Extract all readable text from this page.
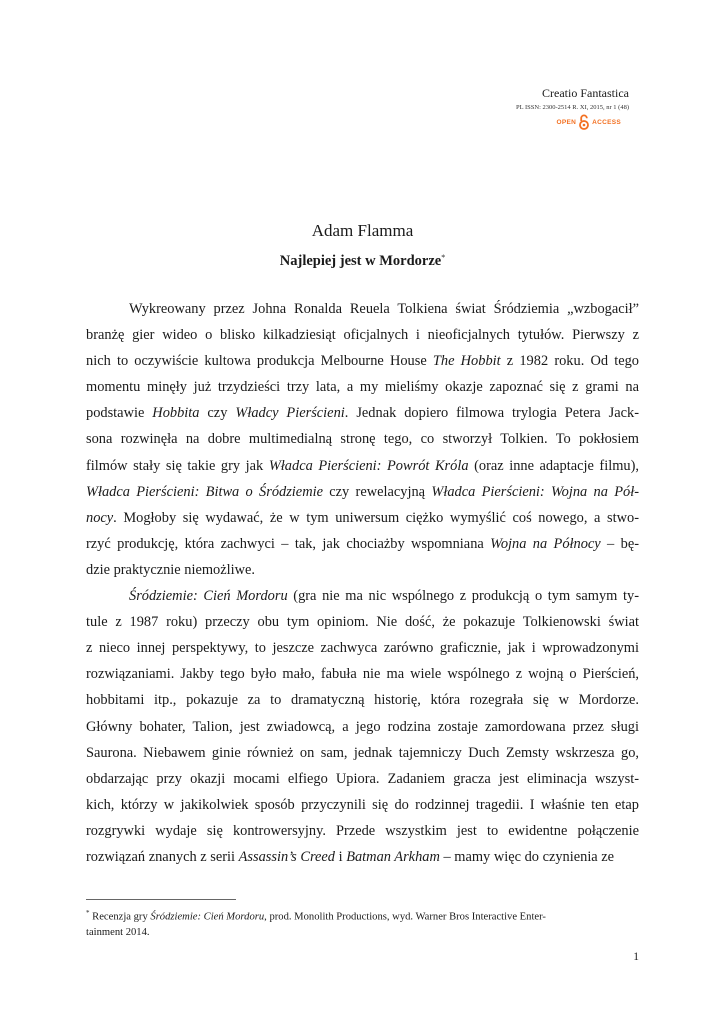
Creatio Fantastica
PL ISSN: 2300-2514 R. XI, 2015, nr 1 (48)
OPEN ACCESS
Adam Flamma
Najlepiej jest w Mordorze*
Wykreowany przez Johna Ronalda Reuela Tolkiena świat Śródziemia „wzbogacił”
branżę gier wideo o blisko kilkadziesiąt oficjalnych i nieoficjalnych tytułów. Pierwszy z
nich to oczywiście kultowa produkcja Melbourne House The Hobbit z 1982 roku. Od tego
momentu minęły już trzydzieści trzy lata, a my mieliśmy okazje zapoznać się z grami na
podstawie Hobbita czy Władcy Pierścieni. Jednak dopiero filmowa trylogia Petera Jack-
sona rozwinęła na dobre multimedialną stronę tego, co stworzył Tolkien. To pokłosiem
filmów stały się takie gry jak Władca Pierścieni: Powrót Króla (oraz inne adaptacje filmu),
Władca Pierścieni: Bitwa o Śródziemie czy rewelacyjną Władca Pierścieni: Wojna na Pół-
nocy. Mogłoby się wydawać, że w tym uniwersum ciężko wymyślić coś nowego, a stwo-
rzyć produkcję, która zachwyci – tak, jak chociażby wspomniana Wojna na Północy – bę-
dzie praktycznie niemożliwe.
Śródziemie: Cień Mordoru (gra nie ma nic wspólnego z produkcją o tym samym ty-
tule z 1987 roku) przeczy obu tym opiniom. Nie dość, że pokazuje Tolkienowski świat
z nieco innej perspektywy, to jeszcze zachwyca zarówno graficznie, jak i wprowadzonymi
rozwiązaniami. Jakby tego było mało, fabuła nie ma wiele wspólnego z wojną o Pierścień,
hobbitami itp., pokazuje za to dramatyczną historię, która rozegrała się w Mordorze.
Główny bohater, Talion, jest zwiadowcą, a jego rodzina zostaje zamordowana przez sługi
Saurona. Niebawem ginie również on sam, jednak tajemniczy Duch Zemsty wskrzesza go,
obdarzając przy okazji mocami elfiego Upiora. Zadaniem gracza jest eliminacja wszyst-
kich, którzy w jakikolwiek sposób przyczynili się do rodzinnej tragedii. I właśnie ten etap
rozgrywki wydaje się kontrowersyjny. Przede wszystkim jest to ewidentne połączenie
rozwiązań znanych z serii Assassin’s Creed i Batman Arkham – mamy więc do czynienia ze
* Recenzja gry Śródziemie: Cień Mordoru, prod. Monolith Productions, wyd. Warner Bros Interactive Enter-
tainment 2014.
1
